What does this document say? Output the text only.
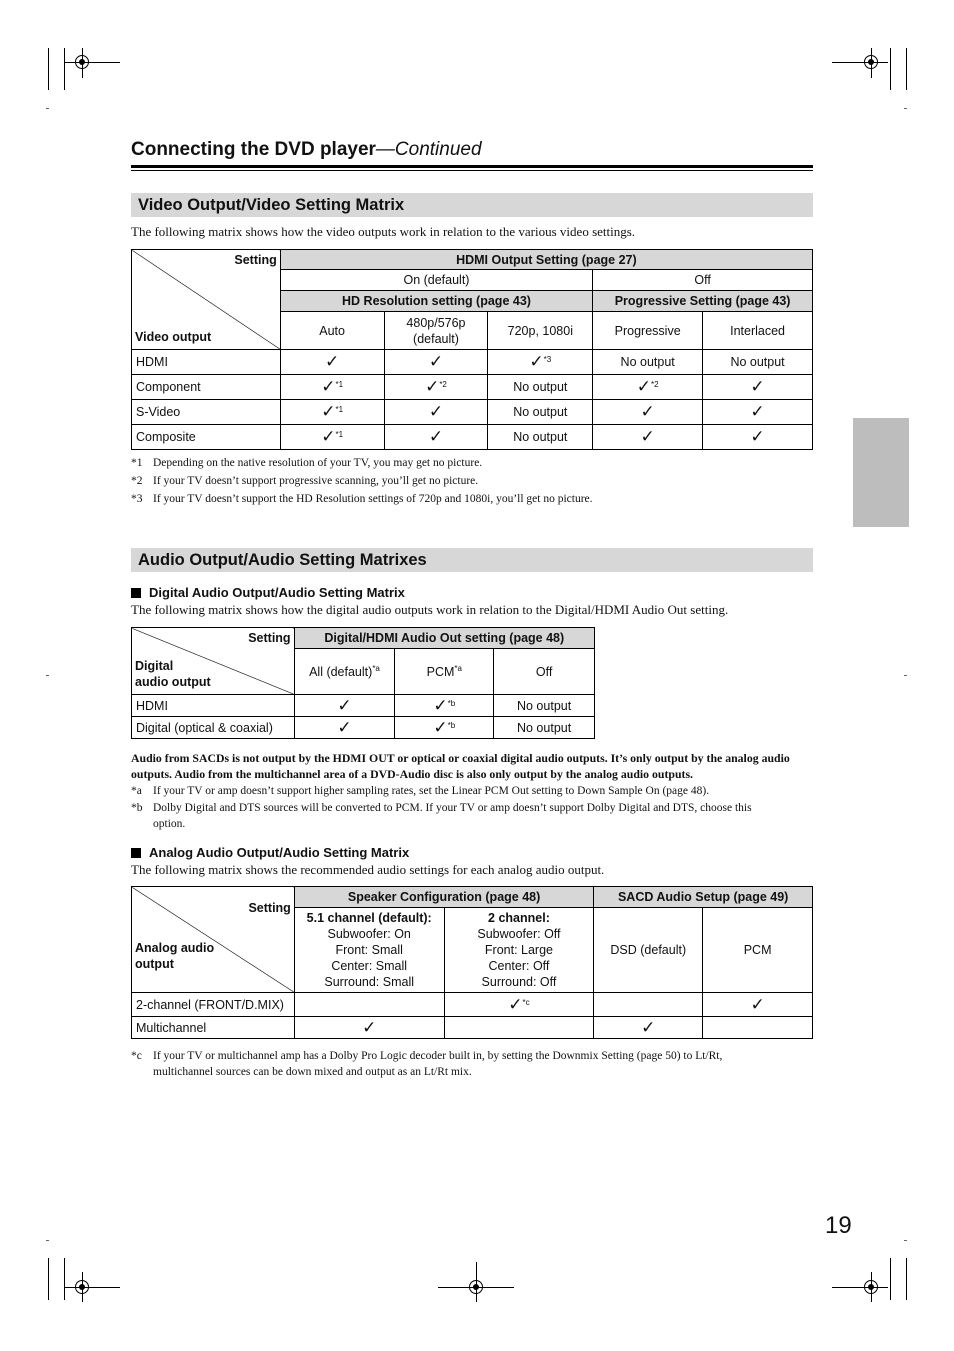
Connecting the DVD player—Continued
Video Output/Video Setting Matrix
The following matrix shows how the video outputs work in relation to the various video settings.
Setting
Video output	HDMI Output Setting (page 27)				
	On (default)			Off	
	HD Resolution setting (page 43)			Progressive Setting (page 43)	
	Auto	480p/576p (default)	720p, 1080i	Progressive	Interlaced
HDMI	✓	✓	✓$^{*3}$	No output	No output
Component	✓$^{*1}$	✓$^{*2}$	No output	✓$^{*2}$	✓
S-Video	✓$^{*1}$	✓	No output	✓	✓
Composite	✓$^{*1}$	✓	No output	✓	✓
*1 Depending on the native resolution of your TV, you may get no picture.
*2 If your TV doesn’t support progressive scanning, you’ll get no picture.
*3 If your TV doesn’t support the HD Resolution settings of 720p and 1080i, you’ll get no picture.
Audio Output/Audio Setting Matrixes
Digital Audio Output/Audio Setting Matrix
The following matrix shows how the digital audio outputs work in relation to the Digital/HDMI Audio Out setting.
Setting
Digital
audio output	Digital/HDMI Audio Out setting (page 48)		
	All (default)$^{*a}$	PCM$^{*a}$	Off
HDMI	✓	✓$^{*b}$	No output
Digital (optical & coaxial)	✓	✓$^{*b}$	No output
Audio from SACDs is not output by the HDMI OUT or optical or coaxial digital audio outputs. It’s only output by the analog audio outputs. Audio from the multichannel area of a DVD-Audio disc is also only output by the analog audio outputs.
*a If your TV or amp doesn’t support higher sampling rates, set the Linear PCM Out setting to Down Sample On (page 48).
*b Dolby Digital and DTS sources will be converted to PCM. If your TV or amp doesn’t support Dolby Digital and DTS, choose this
option.
Analog Audio Output/Audio Setting Matrix
The following matrix shows the recommended audio settings for each analog audio output.
Setting
Analog audio
output	Speaker Configuration (page 48)		SACD Audio Setup (page 49)	
	5.1 channel (default):
Subwoofer: On
Front: Small
Center: Small
Surround: Small	2 channel:
Subwoofer: Off
Front: Large
Center: Off
Surround: Off	DSD (default)	PCM
2-channel (FRONT/D.MIX)		✓$^{*c}$		✓
Multichannel	✓		✓	
*c If your TV or multichannel amp has a Dolby Pro Logic decoder built in, by setting the Downmix Setting (page 50) to Lt/Rt,
multichannel sources can be down mixed and output as an Lt/Rt mix.
19
